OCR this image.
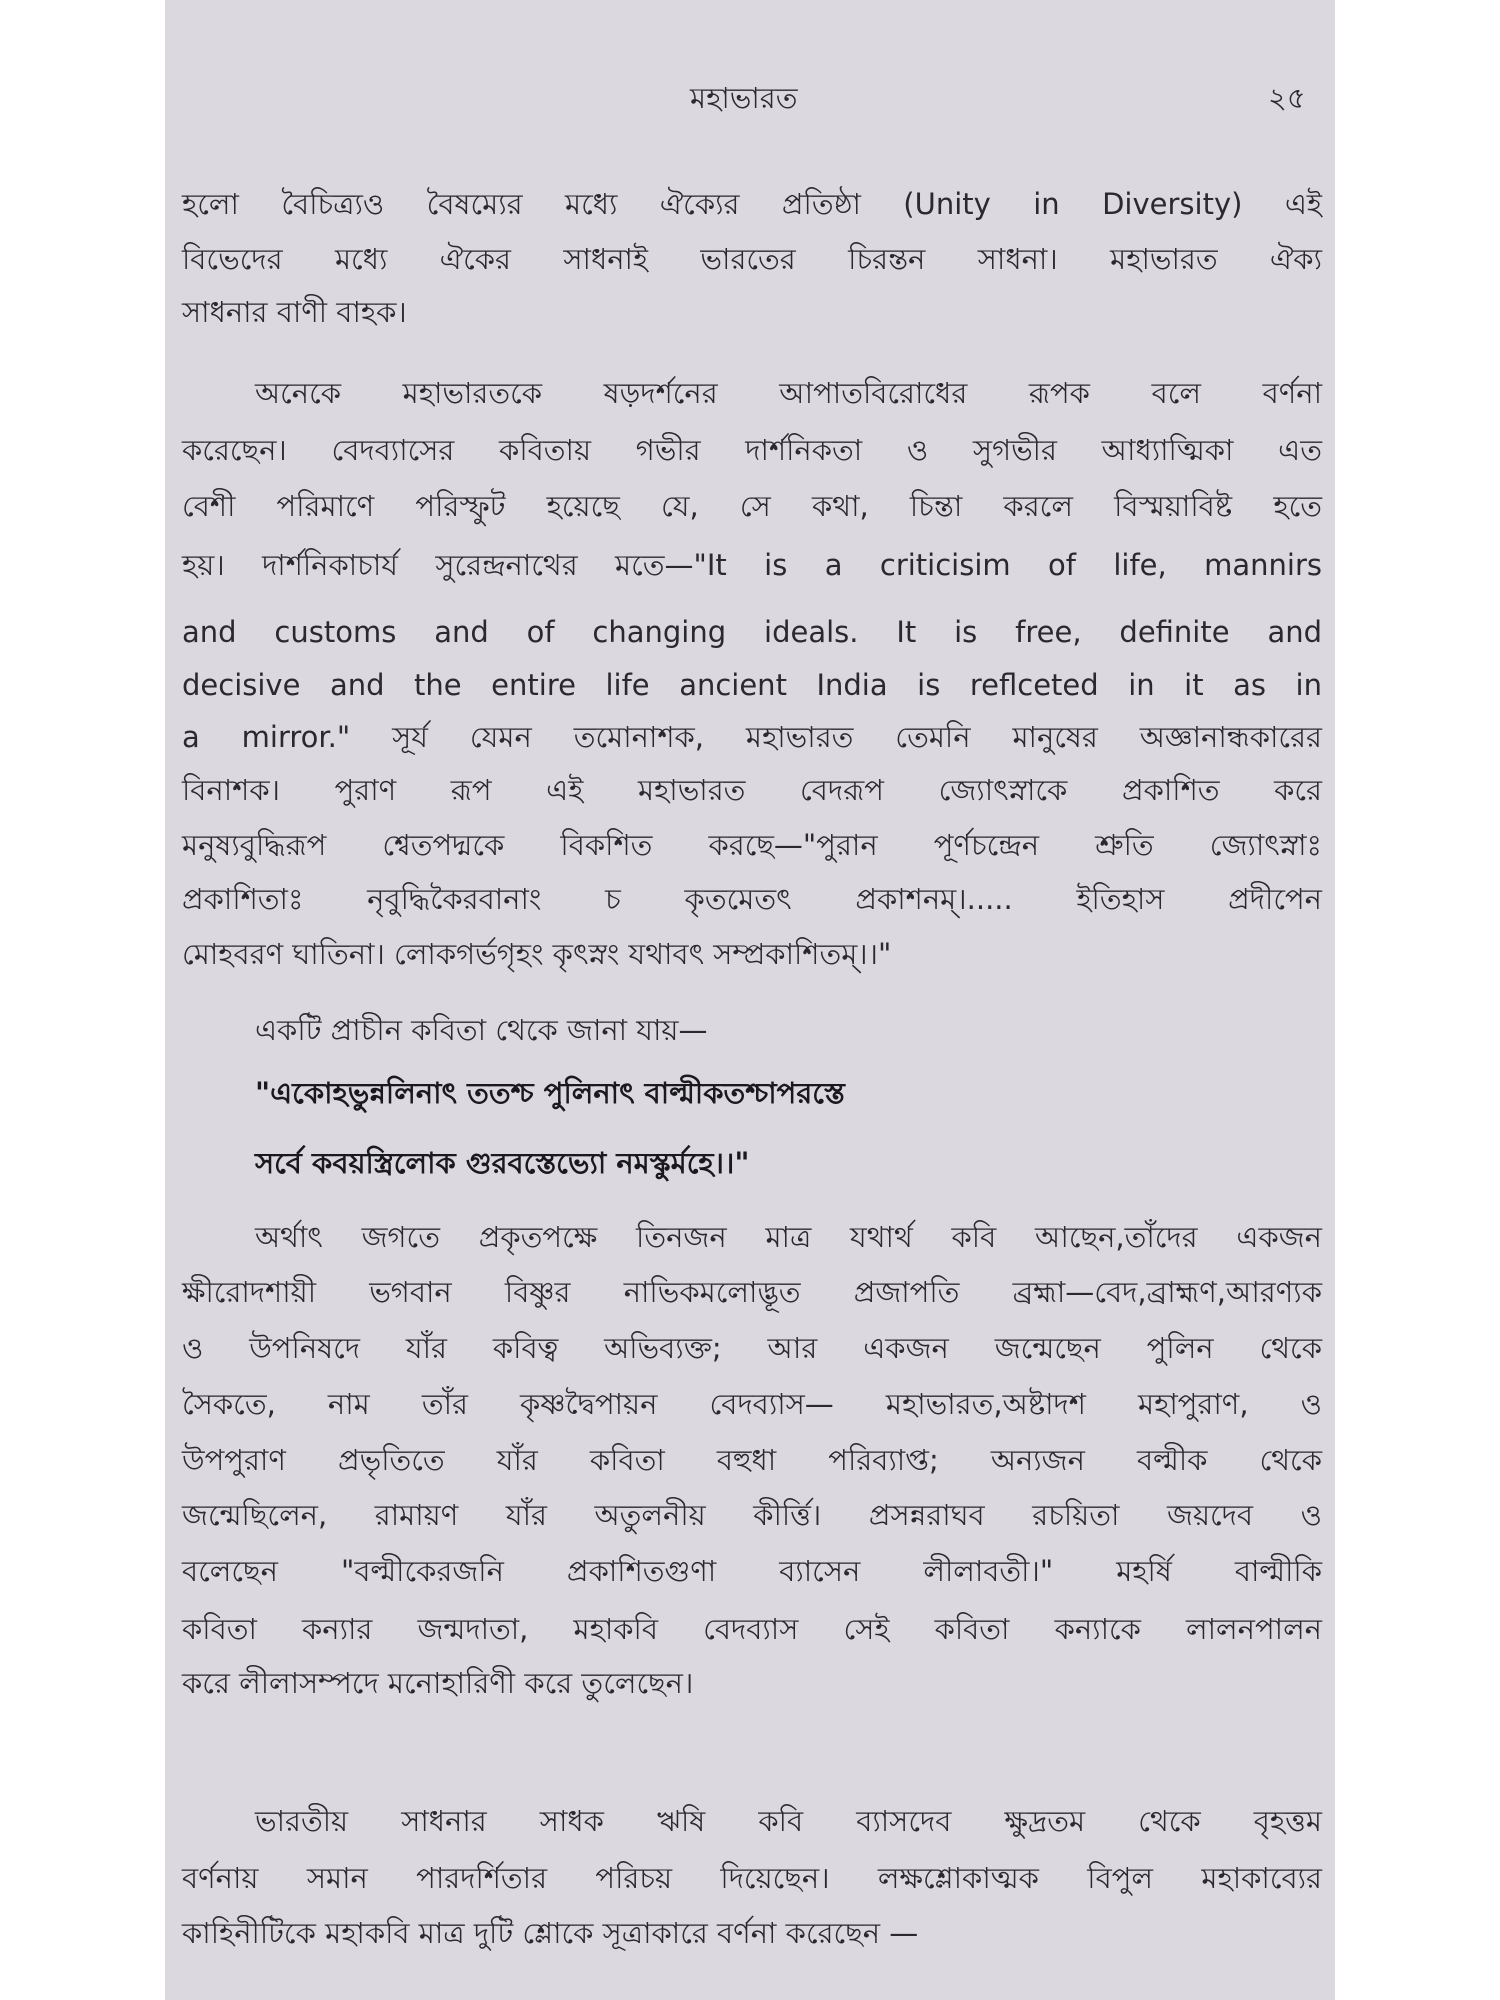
মহাভারত	২৫
হলো বৈচিত্র্যও বৈষম্যের মধ্যে ঐক্যের প্রতিষ্ঠা (Unity in Diversity) এই
বিভেদের মধ্যে ঐকের সাধনাই ভারতের চিরন্তন সাধনা। মহাভারত ঐক্য
সাধনার বাণী বাহক।
অনেকে মহাভারতকে ষড়দর্শনের আপাতবিরোধের রূপক বলে বর্ণনা
করেছেন। বেদব্যাসের কবিতায় গভীর দার্শনিকতা ও সুগভীর আধ্যাত্মিকা এত
বেশী পরিমাণে পরিস্ফুট হয়েছে যে, সে কথা, চিন্তা করলে বিস্ময়াবিষ্ট হতে
হয়। দার্শনিকাচার্য সুরেন্দ্রনাথের মতে—"It is a criticisim of life, mannirs
and customs and of changing ideals. It is free, definite and
decisive and the entire life ancient India is reflceted in it as in
a mirror." সূর্য যেমন তমোনাশক, মহাভারত তেমনি মানুষের অজ্ঞানান্ধকারের
বিনাশক। পুরাণ রূপ এই মহাভারত বেদরূপ জ্যোৎস্নাকে প্রকাশিত করে
মনুষ্যবুদ্ধিরূপ শ্বেতপদ্মকে বিকশিত করছে—"পুরান পূর্ণচন্দ্রেন শ্রুতি জ্যোৎস্নাঃ
প্রকাশিতাঃ নৃবুদ্ধিকৈরবানাং চ কৃতমেতৎ প্রকাশনম্।..... ইতিহাস প্রদীপেন
মোহবরণ ঘাতিনা। লোকগর্ভগৃহং কৃৎস্নং যথাবৎ সম্প্রকাশিতম্।।"
একটি প্রাচীন কবিতা থেকে জানা যায়—
"একোহভুন্নলিনাৎ ততশ্চ পুলিনাৎ বাল্মীকতশ্চাপরস্তে
সর্বে কবয়স্ত্রিলোক গুরবস্তেভ্যো নমস্কুর্মহে।।"
অর্থাৎ জগতে প্রকৃতপক্ষে তিনজন মাত্র যথার্থ কবি আছেন,তাঁদের একজন
ক্ষীরোদশায়ী ভগবান বিষ্ণুর নাভিকমলোদ্ভূত প্রজাপতি ব্রহ্মা—বেদ,ব্রাহ্মণ,আরণ্যক
ও উপনিষদে যাঁর কবিত্ব অভিব্যক্ত; আর একজন জন্মেছেন পুলিন থেকে
সৈকতে, নাম তাঁর কৃষ্ণদ্বৈপায়ন বেদব্যাস— মহাভারত,অষ্টাদশ মহাপুরাণ, ও
উপপুরাণ প্রভৃতিতে যাঁর কবিতা বহুধা পরিব্যাপ্ত; অন্যজন বল্মীক থেকে
জন্মেছিলেন, রামায়ণ যাঁর অতুলনীয় কীর্ত্তি। প্রসন্নরাঘব রচয়িতা জয়দেব ও
বলেছেন "বল্মীকেরজনি প্রকাশিতগুণা ব্যাসেন লীলাবতী।" মহর্ষি বাল্মীকি
কবিতা কন্যার জন্মদাতা, মহাকবি বেদব্যাস সেই কবিতা কন্যাকে লালনপালন
করে লীলাসম্পদে মনোহারিণী করে তুলেছেন।
ভারতীয় সাধনার সাধক ঋষি কবি ব্যাসদেব ক্ষুদ্রতম থেকে বৃহত্তম
বর্ণনায় সমান পারদর্শিতার পরিচয় দিয়েছেন। লক্ষশ্লোকাত্মক বিপুল মহাকাব্যের
কাহিনীটিকে মহাকবি মাত্র দুটি শ্লোকে সূত্রাকারে বর্ণনা করেছেন —
